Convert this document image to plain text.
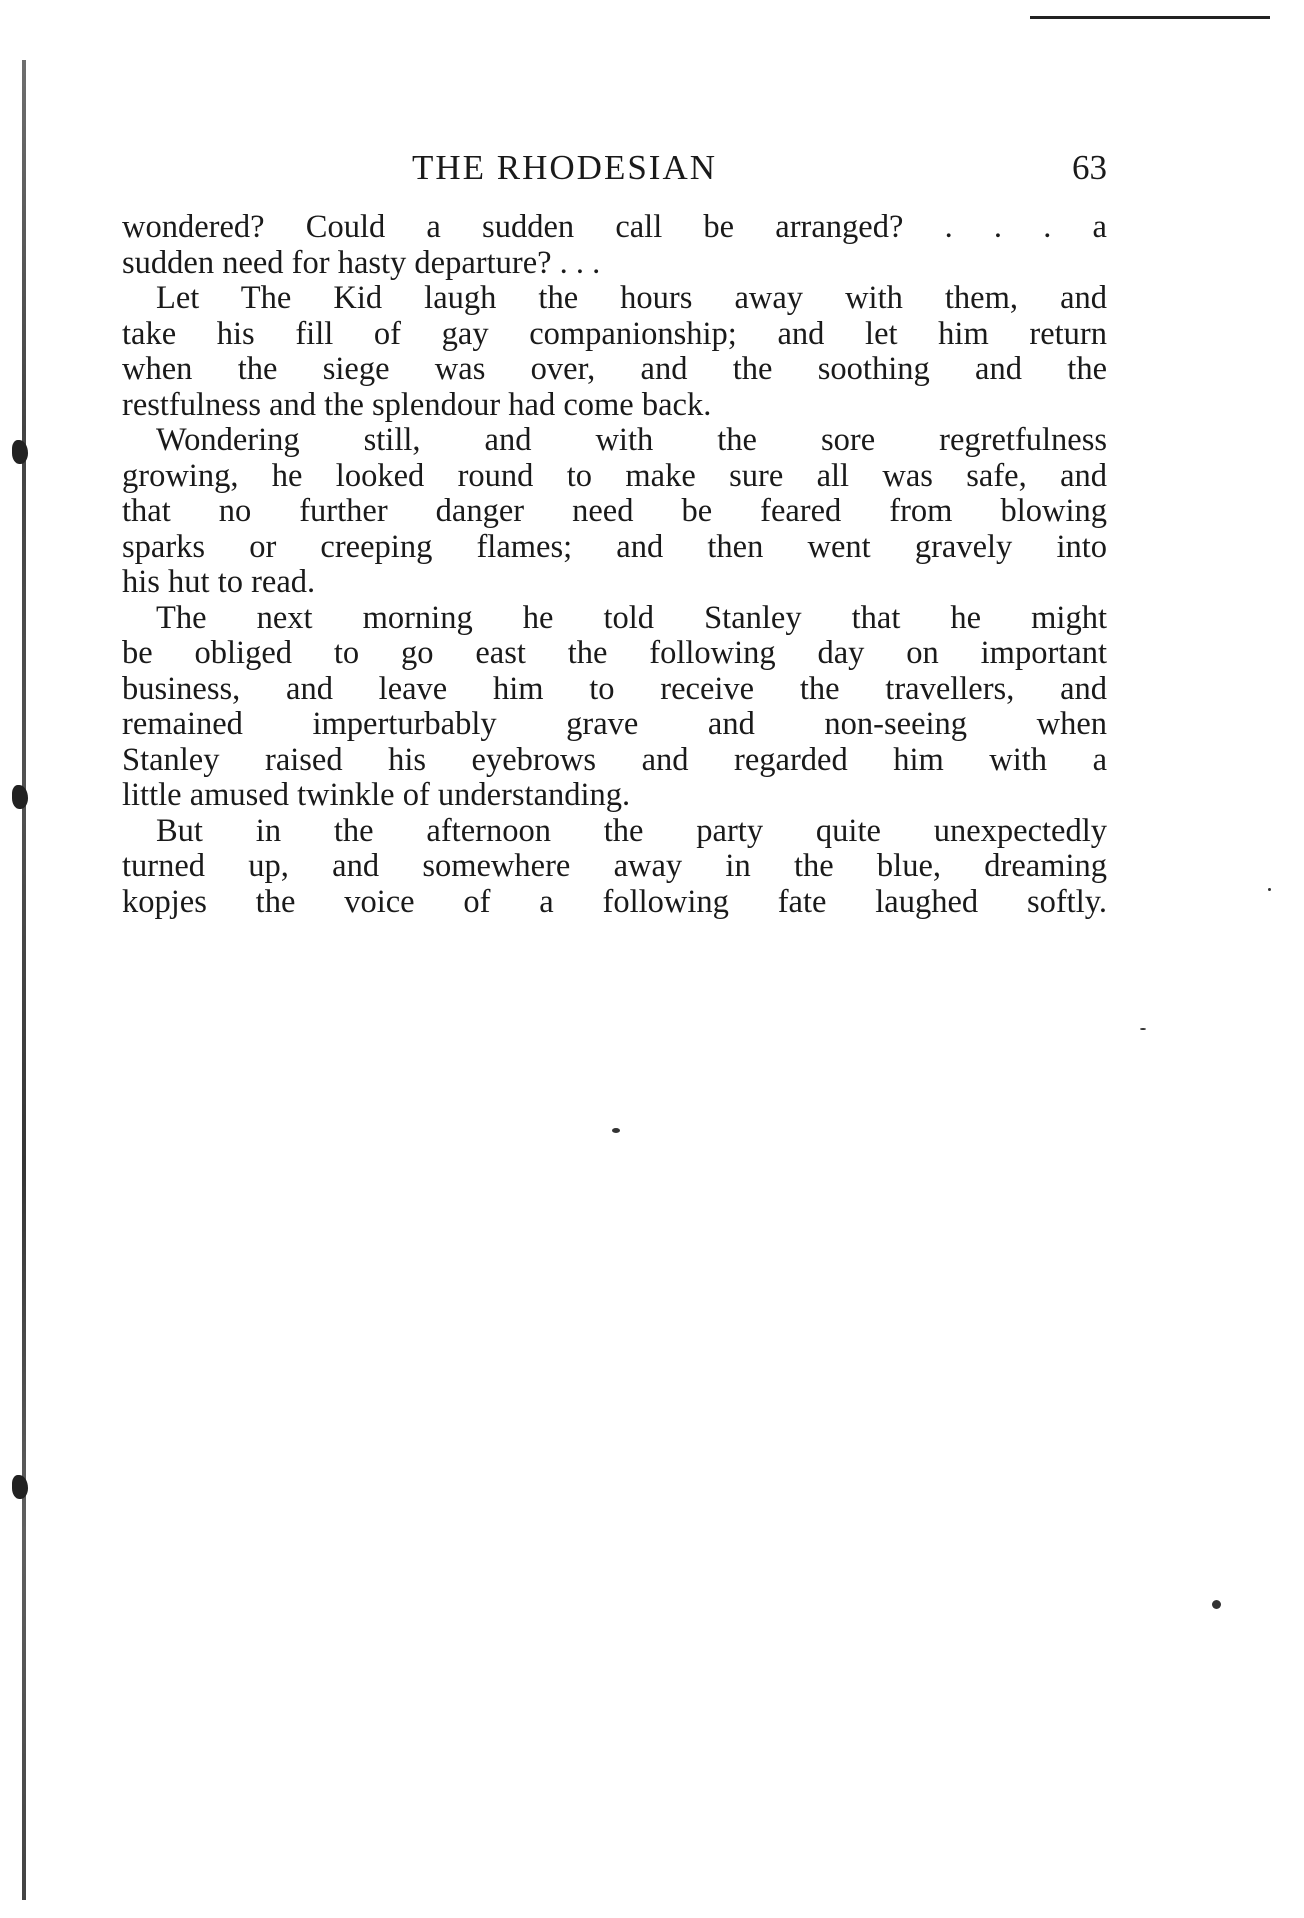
THE RHODESIAN	63
wondered? Could a sudden call be arranged? . . . a
sudden need for hasty departure? . . .
Let The Kid laugh the hours away with them, and
take his fill of gay companionship; and let him return
when the siege was over, and the soothing and the
restfulness and the splendour had come back.
Wondering still, and with the sore regretfulness
growing, he looked round to make sure all was safe, and
that no further danger need be feared from blowing
sparks or creeping flames; and then went gravely into
his hut to read.
The next morning he told Stanley that he might
be obliged to go east the following day on important
business, and leave him to receive the travellers, and
remained imperturbably grave and non-seeing when
Stanley raised his eyebrows and regarded him with a
little amused twinkle of understanding.
But in the afternoon the party quite unexpectedly
turned up, and somewhere away in the blue, dreaming
kopjes the voice of a following fate laughed softly.
